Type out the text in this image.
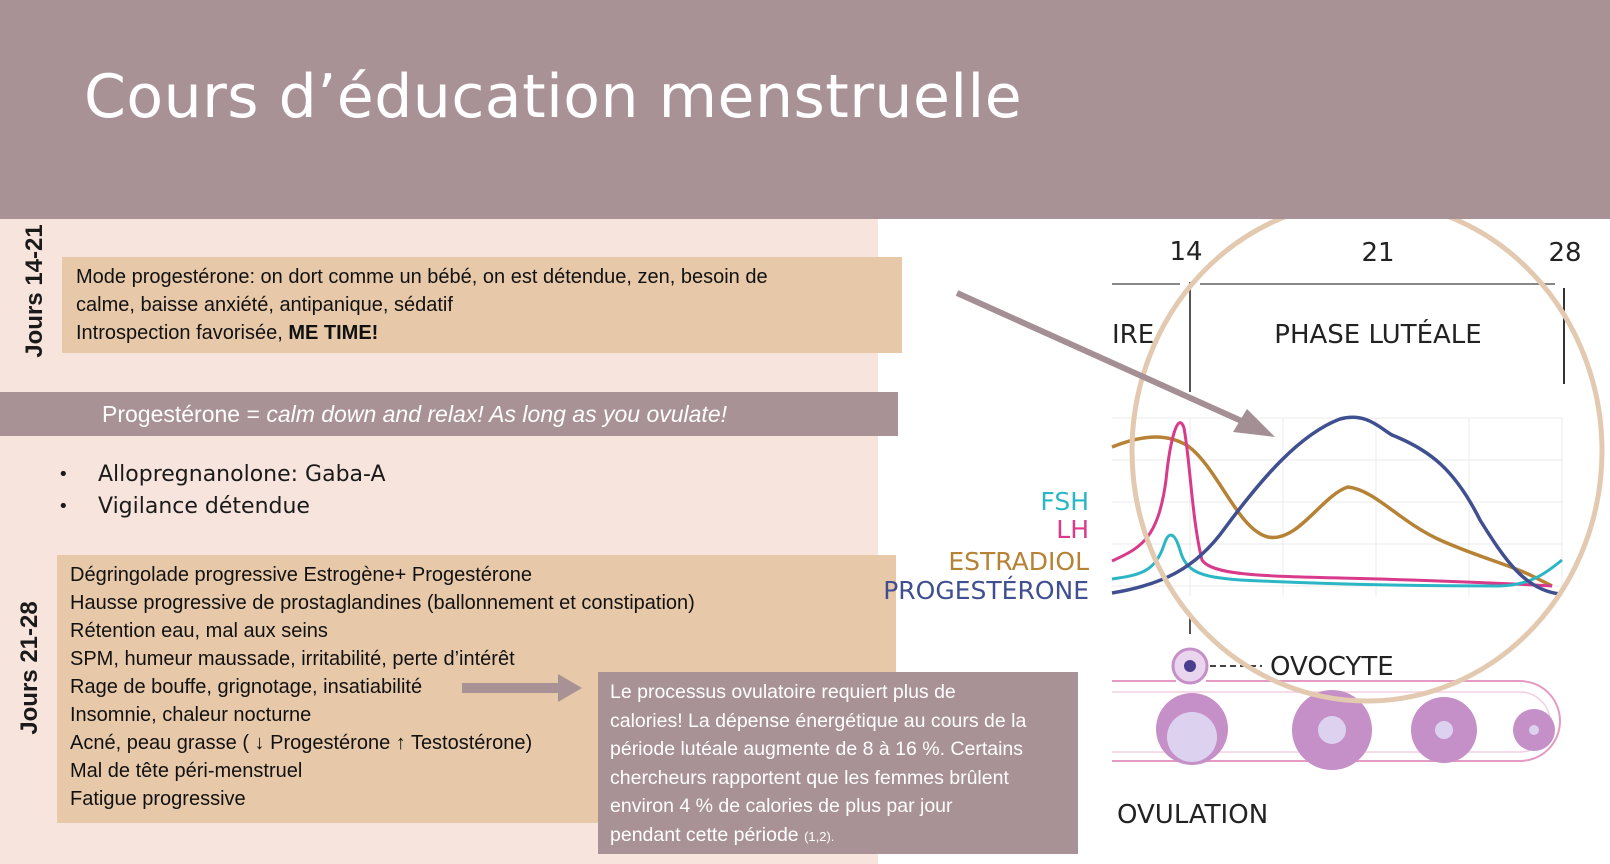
Cours d’éducation menstruelle
Jours 14-21 Mode progestérone: on dort comme un bébé, on est détendue, zen, besoin de
calme, baisse anxiété, antipanique, sédatif
Introspection favorisée, ME TIME!
Progestérone = calm down and relax! As long as you ovulate!
•	Allopregnanolone: Gaba-A
•	Vigilance détendue
Jours 21-28
Dégringolade progressive Estrogène+ Progestérone
Hausse progressive de prostaglandines (ballonnement et constipation)
Rétention eau, mal aux seins
SPM, humeur maussade, irritabilité, perte d’intérêt
Rage de bouffe, grignotage, insatiabilité
Insomnie, chaleur nocturne
Acné, peau grasse ( ↓ Progestérone ↑ Testostérone)
Mal de tête péri-menstruel
Fatigue progressive
Le processus ovulatoire requiert plus de
calories! La dépense énergétique au cours de la
période lutéale augmente de 8 à 16 %. Certains
chercheurs rapportent que les femmes brûlent
environ 4 % de calories de plus par jour
pendant cette période (1,2).
14	21	28
IRE	PHASE LUTÉALE
FSH
LH
ESTRADIOL
PROGESTÉRONE
OVOCYTE
OVULATION
